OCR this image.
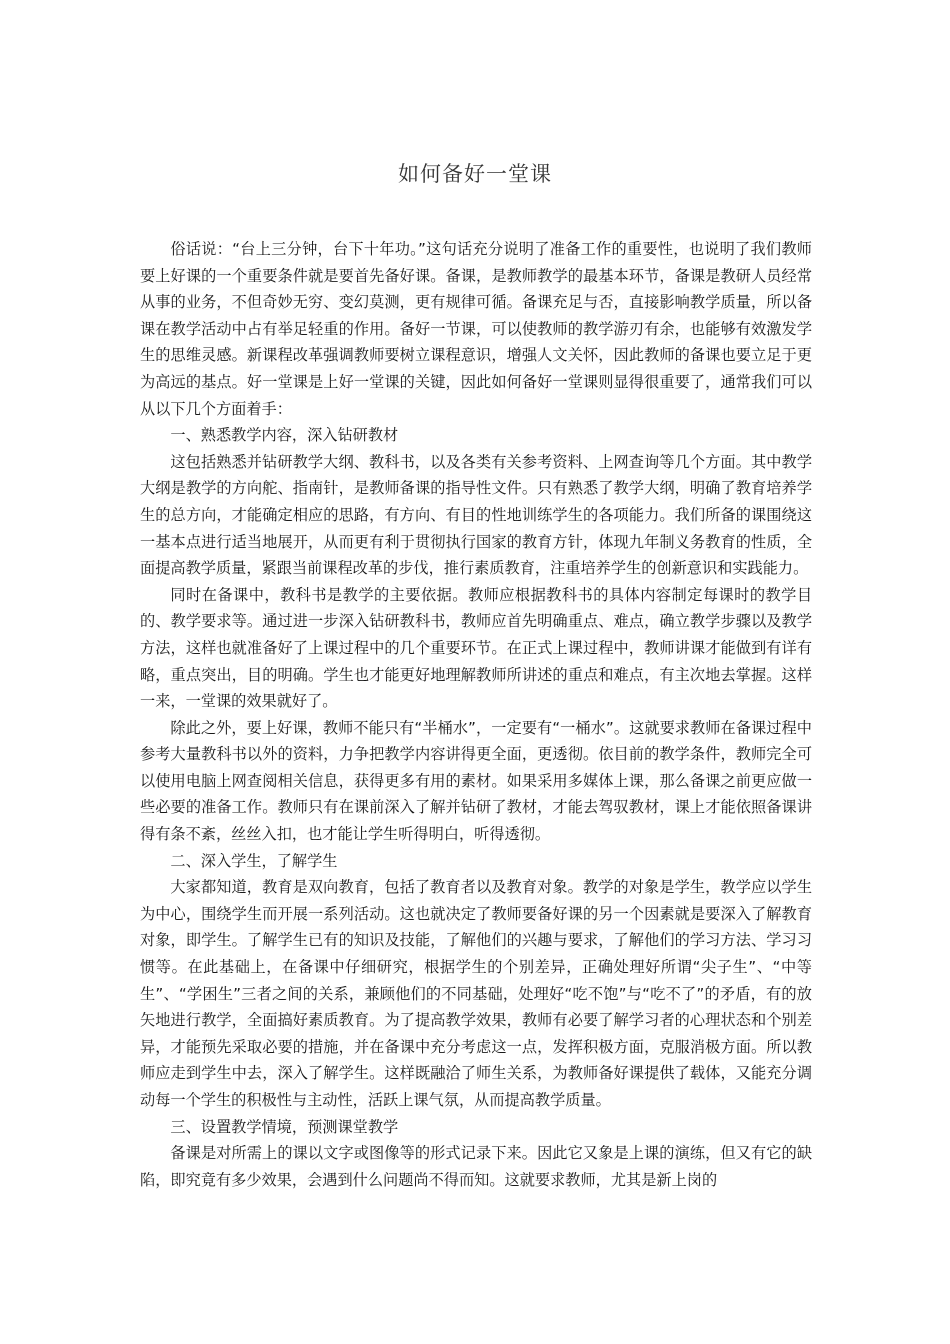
如何备好一堂课

俗话说：“台上三分钟，台下十年功。”这句话充分说明了准备工作的重要性，也说明了我们教师要上好课的一个重要条件就是要首先备好课。备课，是教师教学的最基本环节，备课是教研人员经常从事的业务，不但奇妙无穷、变幻莫测，更有规律可循。备课充足与否，直接影响教学质量，所以备课在教学活动中占有举足轻重的作用。备好一节课，可以使教师的教学游刃有余，也能够有效激发学生的思维灵感。新课程改革强调教师要树立课程意识，增强人文关怀，因此教师的备课也要立足于更为高远的基点。好一堂课是上好一堂课的关键，因此如何备好一堂课则显得很重要了，通常我们可以从以下几个方面着手：

一、熟悉教学内容，深入钻研教材

这包括熟悉并钻研教学大纲、教科书，以及各类有关参考资料、上网查询等几个方面。其中教学大纲是教学的方向舵、指南针，是教师备课的指导性文件。只有熟悉了教学大纲，明确了教育培养学生的总方向，才能确定相应的思路，有方向、有目的性地训练学生的各项能力。我们所备的课围绕这一基本点进行适当地展开，从而更有利于贯彻执行国家的教育方针，体现九年制义务教育的性质，全面提高教学质量，紧跟当前课程改革的步伐，推行素质教育，注重培养学生的创新意识和实践能力。

同时在备课中，教科书是教学的主要依据。教师应根据教科书的具体内容制定每课时的教学目的、教学要求等。通过进一步深入钻研教科书，教师应首先明确重点、难点，确立教学步骤以及教学方法，这样也就准备好了上课过程中的几个重要环节。在正式上课过程中，教师讲课才能做到有详有略，重点突出，目的明确。学生也才能更好地理解教师所讲述的重点和难点，有主次地去掌握。这样一来，一堂课的效果就好了。

除此之外，要上好课，教师不能只有“半桶水”，一定要有“一桶水”。这就要求教师在备课过程中参考大量教科书以外的资料，力争把教学内容讲得更全面，更透彻。依目前的教学条件，教师完全可以使用电脑上网查阅相关信息，获得更多有用的素材。如果采用多媒体上课，那么备课之前更应做一些必要的准备工作。教师只有在课前深入了解并钻研了教材，才能去驾驭教材，课上才能依照备课讲得有条不紊，丝丝入扣，也才能让学生听得明白，听得透彻。

二、深入学生，了解学生

大家都知道，教育是双向教育，包括了教育者以及教育对象。教学的对象是学生，教学应以学生为中心，围绕学生而开展一系列活动。这也就决定了教师要备好课的另一个因素就是要深入了解教育对象，即学生。了解学生已有的知识及技能，了解他们的兴趣与要求，了解他们的学习方法、学习习惯等。在此基础上，在备课中仔细研究，根据学生的个别差异，正确处理好所谓“尖子生”、“中等生”、“学困生”三者之间的关系，兼顾他们的不同基础，处理好“吃不饱”与“吃不了”的矛盾，有的放矢地进行教学，全面搞好素质教育。为了提高教学效果，教师有必要了解学习者的心理状态和个别差异，才能预先采取必要的措施，并在备课中充分考虑这一点，发挥积极方面，克服消极方面。所以教师应走到学生中去，深入了解学生。这样既融洽了师生关系，为教师备好课提供了载体，又能充分调动每一个学生的积极性与主动性，活跃上课气氛，从而提高教学质量。

三、设置教学情境，预测课堂教学

备课是对所需上的课以文字或图像等的形式记录下来。因此它又象是上课的演练，但又有它的缺陷，即究竟有多少效果，会遇到什么问题尚不得而知。这就要求教师，尤其是新上岗的
